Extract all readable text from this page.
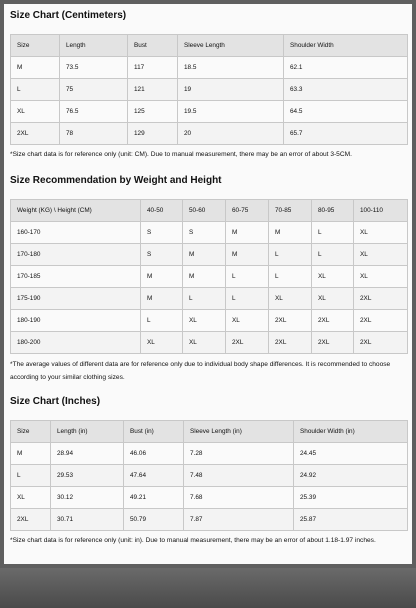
Size Chart (Centimeters)
Size	Length	Bust	Sleeve Length	Shoulder Width
M	73.5	117	18.5	62.1
L	75	121	19	63.3
XL	76.5	125	19.5	64.5
2XL	78	129	20	65.7

*Size chart data is for reference only (unit: CM). Due to manual measurement, there may be an error of about 3-5CM.

Size Recommendation by Weight and Height
Weight (KG) \ Height (CM)	40-50	50-60	60-75	70-85	80-95	100-110
160-170	S	S	M	M	L	XL
170-180	S	M	M	L	L	XL
170-185	M	M	L	L	XL	XL
175-190	M	L	L	XL	XL	2XL
180-190	L	XL	XL	2XL	2XL	2XL
180-200	XL	XL	2XL	2XL	2XL	2XL

*The average values of different data are for reference only due to individual body shape differences. It is recommended to choose according to your similar clothing sizes.

Size Chart (Inches)
Size	Length (in)	Bust (in)	Sleeve Length (in)	Shoulder Width (in)
M	28.94	46.06	7.28	24.45
L	29.53	47.64	7.48	24.92
XL	30.12	49.21	7.68	25.39
2XL	30.71	50.79	7.87	25.87

*Size chart data is for reference only (unit: in). Due to manual measurement, there may be an error of about 1.18-1.97 inches.
